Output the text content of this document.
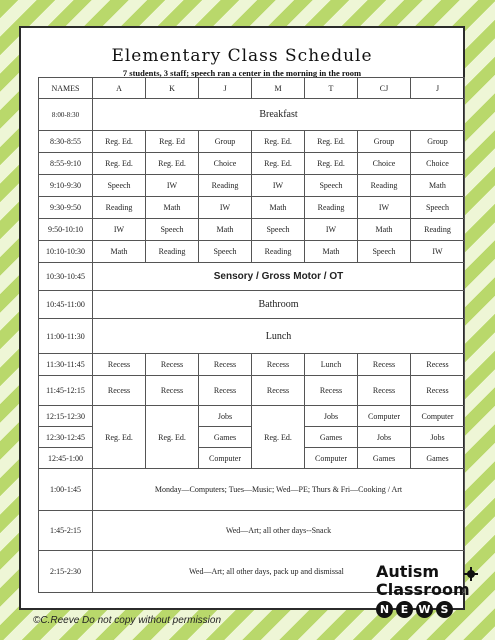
Elementary Class Schedule
7 students, 3 staff; speech ran a center in the morning in the room
NAMES	A	K	J	M	T	CJ	J
8:00-8:30	Breakfast						
8:30-8:55	Reg. Ed.	Reg. Ed	Group	Reg. Ed.	Reg. Ed.	Group	Group
8:55-9:10	Reg. Ed.	Reg. Ed.	Choice	Reg. Ed.	Reg. Ed.	Choice	Choice
9:10-9:30	Speech	IW	Reading	IW	Speech	Reading	Math
9:30-9:50	Reading	Math	IW	Math	Reading	IW	Speech
9:50-10:10	IW	Speech	Math	Speech	IW	Math	Reading
10:10-10:30	Math	Reading	Speech	Reading	Math	Speech	IW
10:30-10:45	Sensory / Gross Motor / OT						
10:45-11:00	Bathroom						
11:00-11:30	Lunch						
11:30-11:45	Recess	Recess	Recess	Recess	Lunch	Recess	Recess
11:45-12:15	Recess	Recess	Recess	Recess	Recess	Recess	Recess
12:15-12:30	Reg. Ed.	Reg. Ed.	Jobs	Reg. Ed.	Jobs	Computer	Computer
12:30-12:45			Games		Games	Jobs	Jobs
12:45-1:00			Computer		Computer	Games	Games
1:00-1:45	Monday—Computers; Tues—Music; Wed—PE; Thurs & Fri—Cooking / Art						
1:45-2:15	Wed—Art; all other days--Snack						
2:15-2:30	Wed—Art; all other days, pack up and dismissal						
©C.Reeve Do not copy without permission
Autism
Classroom
N	E W S
